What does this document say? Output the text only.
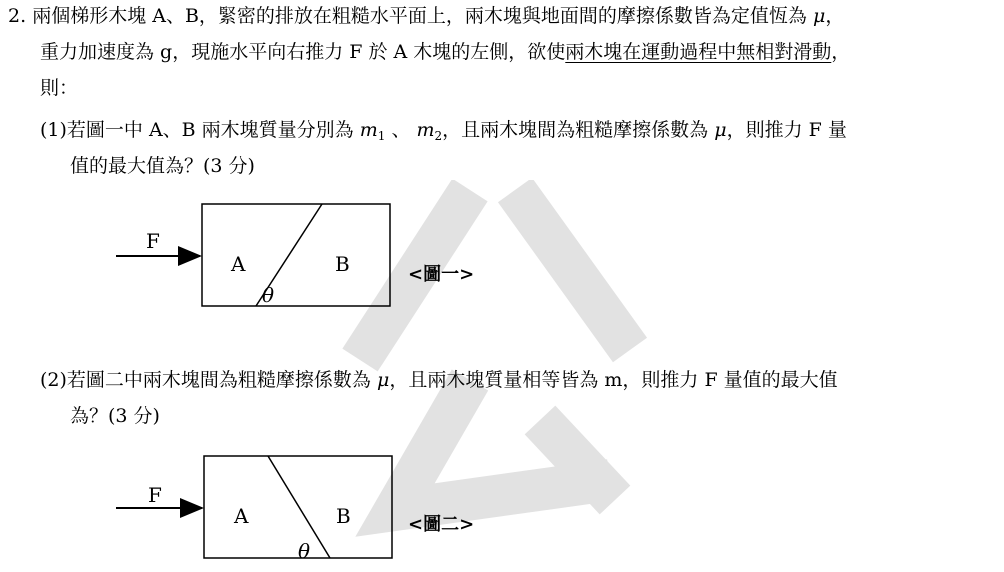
2. 兩個梯形木塊 A、B，緊密的排放在粗糙水平面上，兩木塊與地面間的摩擦係數皆為定值恆為 μ，
重力加速度為 g，現施水平向右推力 F 於 A 木塊的左側，欲使兩木塊在運動過程中無相對滑動，
則：
(1)若圖一中 A、B 兩木塊質量分別為 $m_1$ 、 $m_2$，且兩木塊間為粗糙摩擦係數為 μ，則推力 F 量
值的最大值為？(3 分)
F
A	B
θ
<圖一>
(2)若圖二中兩木塊間為粗糙摩擦係數為 μ，且兩木塊質量相等皆為 m，則推力 F 量值的最大值
為？(3 分)
F
A	B
θ
<圖二>
